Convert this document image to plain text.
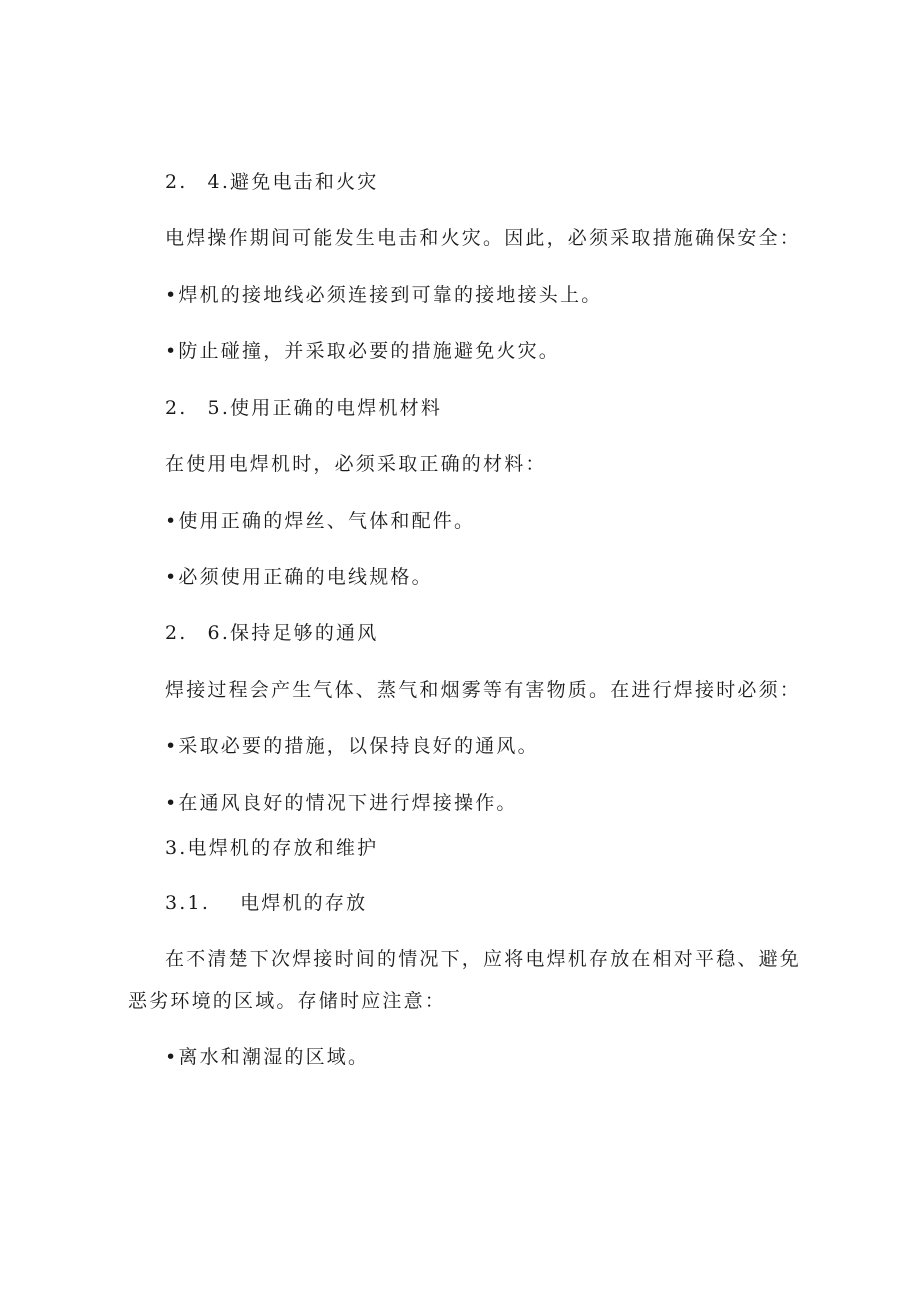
2. 4.避免电击和火灾
电焊操作期间可能发生电击和火灾。因此，必须采取措施确保安全：
•焊机的接地线必须连接到可靠的接地接头上。
•防止碰撞，并采取必要的措施避免火灾。
2. 5.使用正确的电焊机材料
在使用电焊机时，必须采取正确的材料：
•使用正确的焊丝、气体和配件。
•必须使用正确的电线规格。
2. 6.保持足够的通风
焊接过程会产生气体、蒸气和烟雾等有害物质。在进行焊接时必须：
•采取必要的措施，以保持良好的通风。
•在通风良好的情况下进行焊接操作。
3.电焊机的存放和维护
3.1. 电焊机的存放
在不清楚下次焊接时间的情况下，应将电焊机存放在相对平稳、避免
恶劣环境的区域。存储时应注意：
•离水和潮湿的区域。
